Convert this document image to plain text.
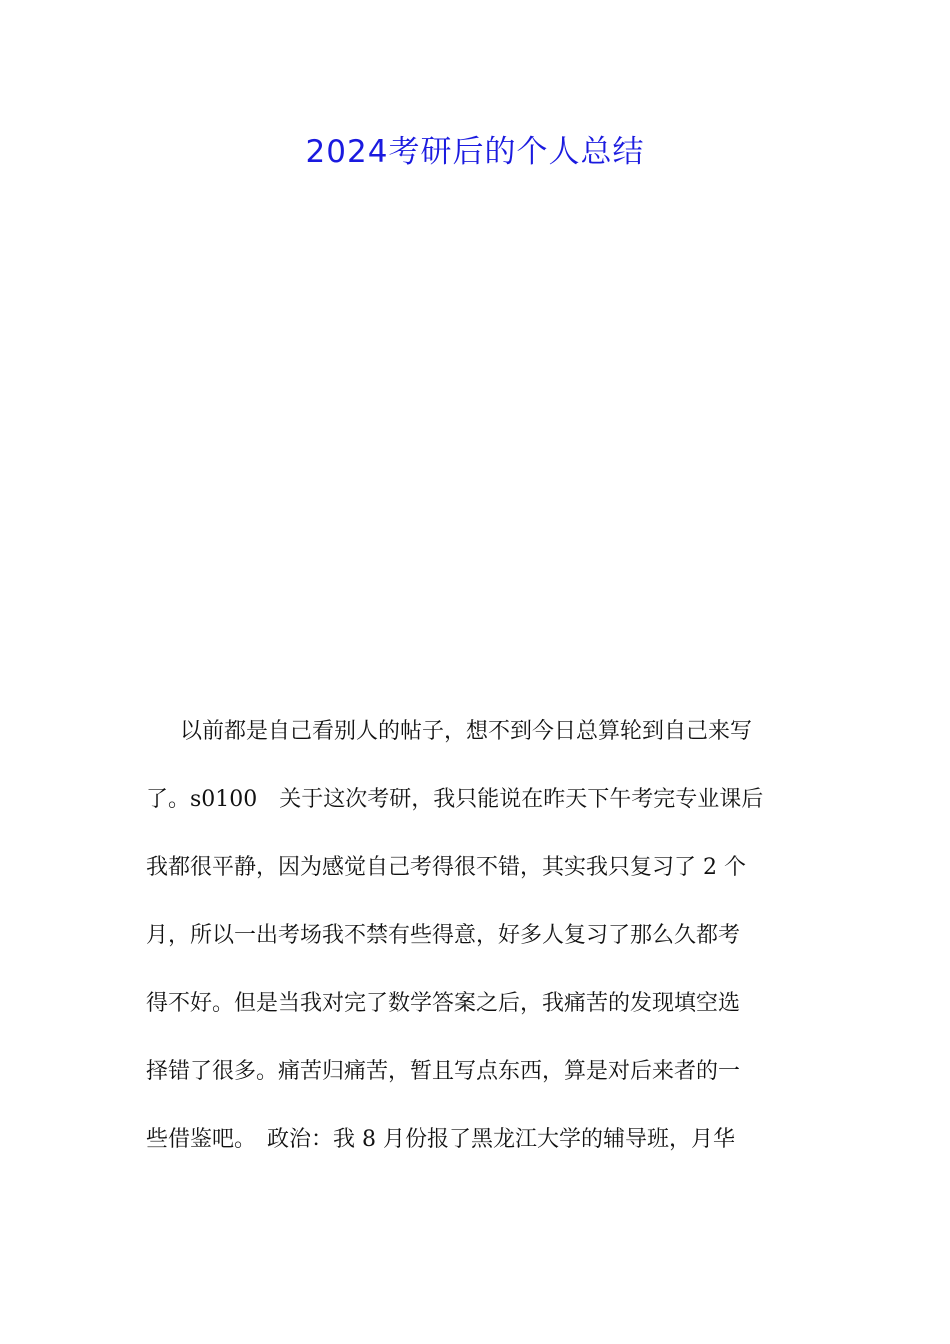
2024考研后的个人总结
以前都是自己看别人的帖子，想不到今日总算轮到自己来写
了。s0100　关于这次考研，我只能说在昨天下午考完专业课后
我都很平静，因为感觉自己考得很不错，其实我只复习了 2 个
月，所以一出考场我不禁有些得意，好多人复习了那么久都考
得不好。但是当我对完了数学答案之后，我痛苦的发现填空选
择错了很多。痛苦归痛苦，暂且写点东西，算是对后来者的一
些借鉴吧。　政治：我 8 月份报了黑龙江大学的辅导班，月华
